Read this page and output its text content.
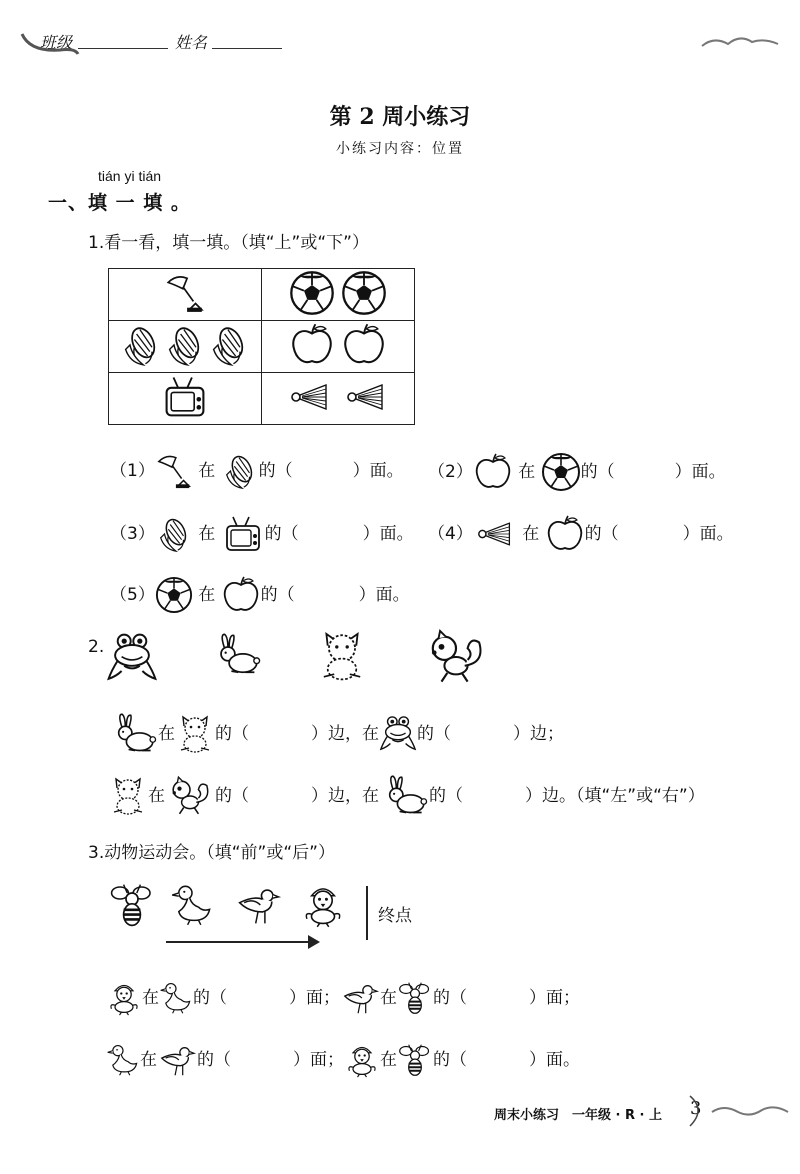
班级	姓名
第 2 周小练习
小练习内容：位置
tián yi tián
一、填 一 填 。
1.看一看，填一填。（填“上”或“下”）

（1）	在	的（	）面。 （2）	在	的（	）面。
（3）	在	的（	）面。 （4）	在	的（	）面。
（5）	在	的（	）面。
2.
在 的（	）边，在 的（	）边；
在	的（	）边，在	的（	）边。（填“左”或“右”）
3.动物运动会。（填“前”或“后”）
终点
在 的（	）面； 在 的（	）面；
在 的（	）面； 在 的（	）面。
周末小练习　一年级 · R · 上 3
